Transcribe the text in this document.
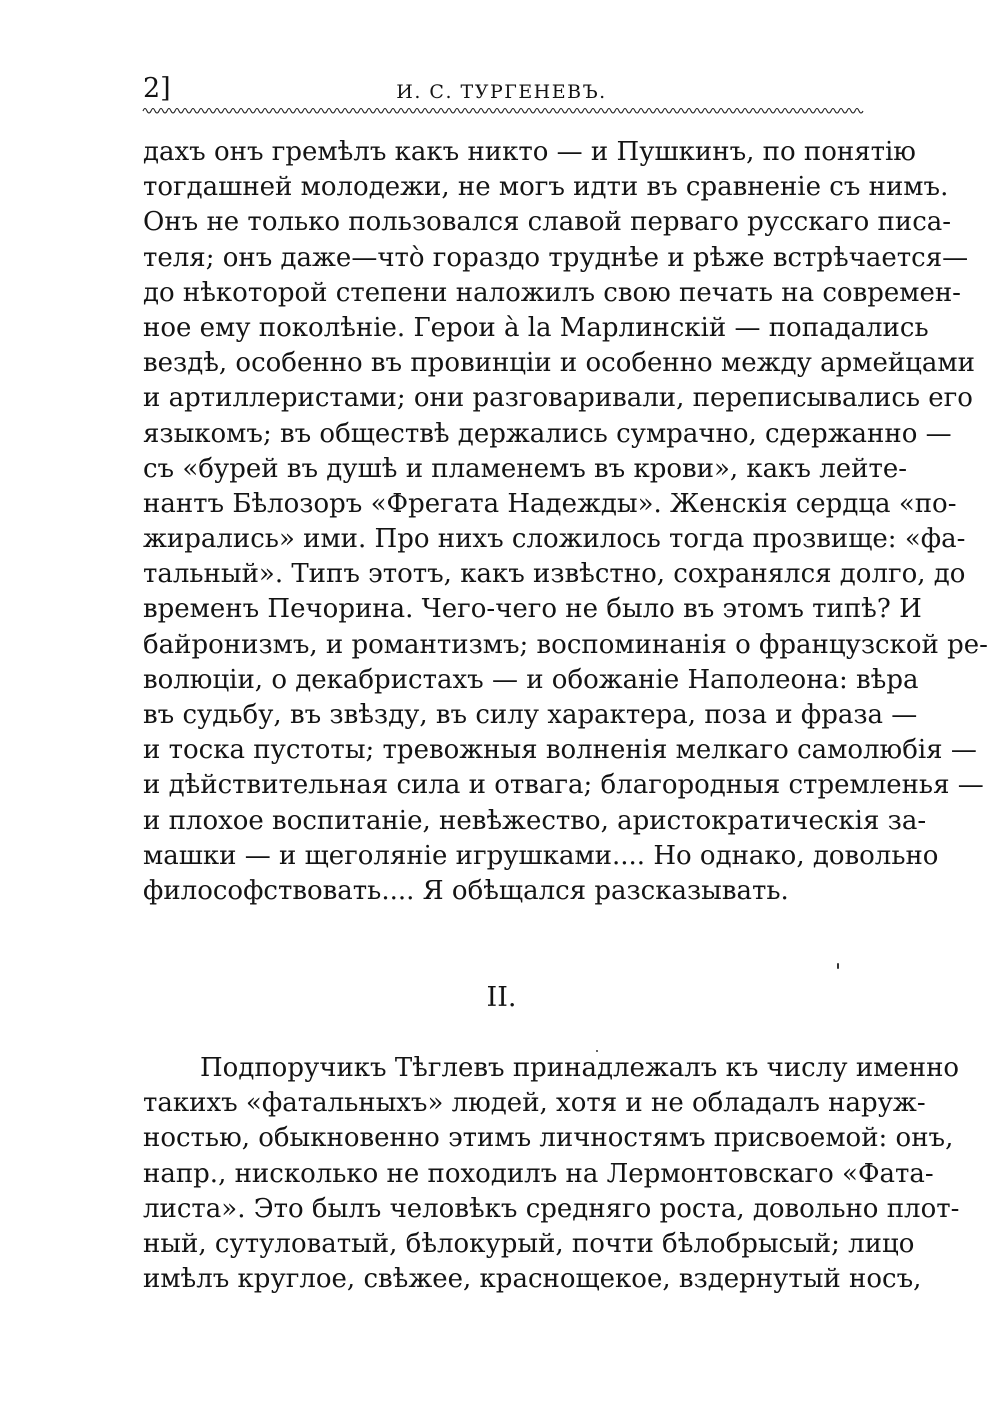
2]	И. С. ТУРГЕНЕВЪ.
дахъ онъ гремѣлъ какъ никто — и Пушкинъ, по понятію
тогдашней молодежи, не могъ идти въ сравненіе съ нимъ.
Онъ не только пользовался славой перваго русскаго писа-
теля; онъ даже—что̀ гораздо труднѣе и рѣже встрѣчается—
до нѣкоторой степени наложилъ свою печать на современ-
ное ему поколѣніе. Герои à la Марлинскій — попадались
вездѣ, особенно въ провинціи и особенно между армейцами
и артиллеристами; они разговаривали, переписывались его
языкомъ; въ обществѣ держались сумрачно, сдержанно —
съ «бурей въ душѣ и пламенемъ въ крови», какъ лейте-
нантъ Бѣлозоръ «Фрегата Надежды». Женскія сердца «по-
жирались» ими. Про нихъ сложилось тогда прозвище: «фа-
тальный». Типъ этотъ, какъ извѣстно, сохранялся долго, до
временъ Печорина. Чего-чего не было въ этомъ типѣ? И
байронизмъ, и романтизмъ; воспоминанія о французской ре-
волюціи, о декабристахъ — и обожаніе Наполеона: вѣра
въ судьбу, въ звѣзду, въ силу характера, поза и фраза —
и тоска пустоты; тревожныя волненія мелкаго самолюбія —
и дѣйствительная сила и отвага; благородныя стремленья —
и плохое воспитаніе, невѣжество, аристократическія за-
машки — и щеголяніе игрушками.... Но однако, довольно
философствовать.... Я обѣщался разсказывать.
II.
Подпоручикъ Тѣглевъ принадлежалъ къ числу именно
такихъ «фатальныхъ» людей, хотя и не обладалъ наруж-
ностью, обыкновенно этимъ личностямъ присвоемой: онъ,
напр., нисколько не походилъ на Лермонтовскаго «Фата-
листа». Это былъ человѣкъ средняго роста, довольно плот-
ный, сутуловатый, бѣлокурый, почти бѣлобрысый; лицо
имѣлъ круглое, свѣжее, краснощекое, вздернутый носъ,
